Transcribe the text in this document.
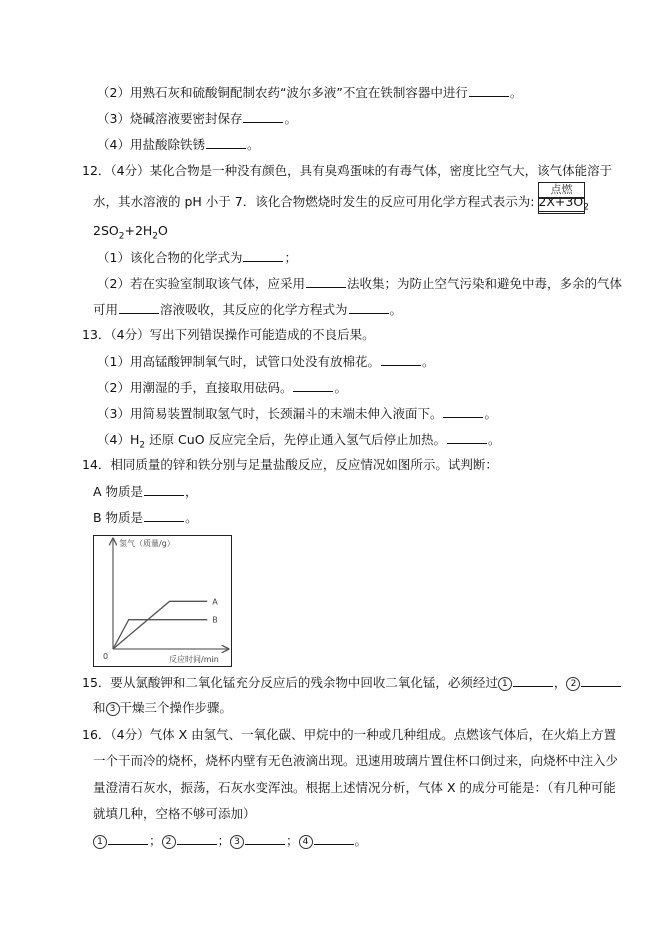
（2）用熟石灰和硫酸铜配制农药“波尔多液”不宜在铁制容器中进行	。
（3）烧碱溶液要密封保存	。
（4）用盐酸除铁锈	。
12．（4分）某化合物是一种没有颜色，具有臭鸡蛋味的有毒气体，密度比空气大，该气体能溶于
水，其水溶液的 pH 小于 7．该化合物燃烧时发生的反应可用化学方程式表示为: $2X+3O_2$
点燃
$2SO_2+2H_2O$
（1）该化合物的化学式为	；
（2）若在实验室制取该气体，应采用	法收集；为防止空气污染和避免中毒，多余的气体
可用	溶液吸收，其反应的化学方程式为	。
13．（4分）写出下列错误操作可能造成的不良后果。
（1）用高锰酸钾制氧气时，试管口处没有放棉花。	。
（2）用潮湿的手，直接取用砝码。	。
（3）用简易装置制取氢气时，长颈漏斗的末端未伸入液面下。	。
$(4)H_2$ 还原 CuO 反应完全后，先停止通入氢气后停止加热。	。
14．相同质量的锌和铁分别与足量盐酸反应，反应情况如图所示。试判断：
A 物质是	，
B 物质是	。
氢气（质量/g）
反应时间/min
0
A
B
15．要从氯酸钾和二氧化锰充分反应后的残余物中回收二氧化锰，必须经过 1	， 2
和 3 干燥三个操作步骤。
16．（4分）气体 X 由氢气、一氧化碳、甲烷中的一种或几种组成。点燃该气体后，在火焰上方置
一个干而冷的烧杯，烧杯内壁有无色液滴出现。迅速用玻璃片置住杯口倒过来，向烧杯中注入少
量澄清石灰水，振荡，石灰水变浑浊。根据上述情况分析，气体 X 的成分可能是：（有几种可能
就填几种，空格不够可添加）
1	； 2	； 3	； 4	。
